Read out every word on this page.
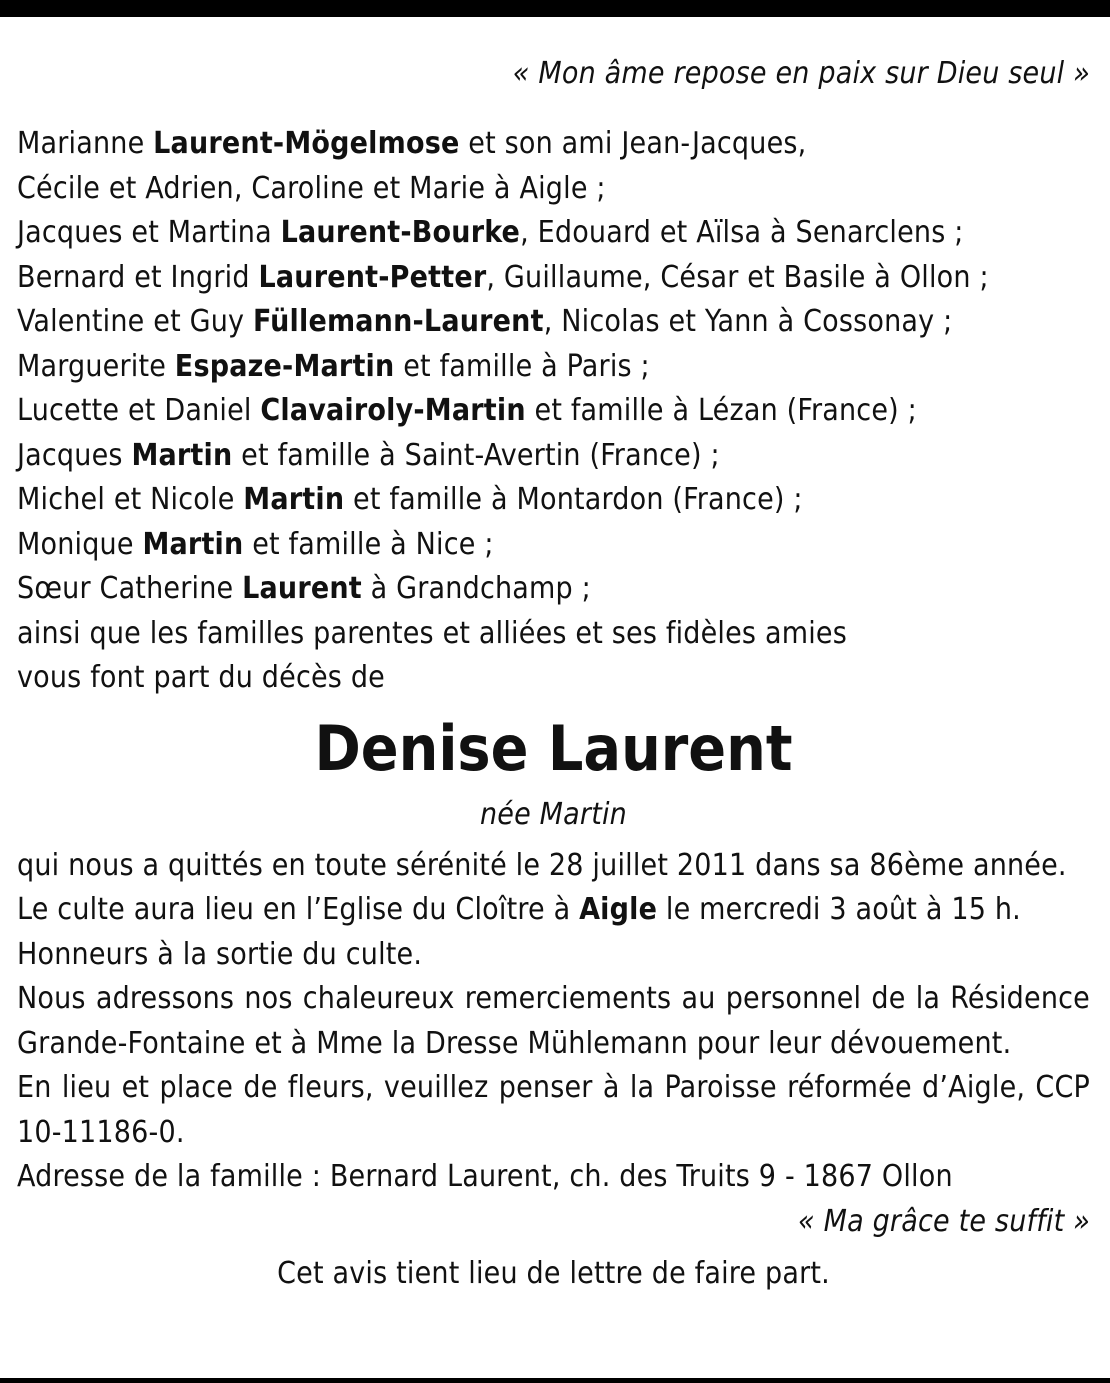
« Mon âme repose en paix sur Dieu seul »

Marianne Laurent-Mögelmose et son ami Jean-Jacques,
Cécile et Adrien, Caroline et Marie à Aigle ;
Jacques et Martina Laurent-Bourke, Edouard et Aïlsa à Senarclens ;
Bernard et Ingrid Laurent-Petter, Guillaume, César et Basile à Ollon ;
Valentine et Guy Füllemann-Laurent, Nicolas et Yann à Cossonay ;
Marguerite Espaze-Martin et famille à Paris ;
Lucette et Daniel Clavairoly-Martin et famille à Lézan (France) ;
Jacques Martin et famille à Saint-Avertin (France) ;
Michel et Nicole Martin et famille à Montardon (France) ;
Monique Martin et famille à Nice ;
Sœur Catherine Laurent à Grandchamp ;

ainsi que les familles parentes et alliées et ses fidèles amies

vous font part du décès de

Denise Laurent

née Martin

qui nous a quittés en toute sérénité le 28 juillet 2011 dans sa 86ème année.

Le culte aura lieu en l’Eglise du Cloître à Aigle le mercredi 3 août à 15 h.

Honneurs à la sortie du culte.

Nous adressons nos chaleureux remerciements au personnel de la Résidence Grande-Fontaine et à Mme la Dresse Mühlemann pour leur dévouement.

En lieu et place de fleurs, veuillez penser à la Paroisse réformée d’Aigle, CCP 10-11186-0.

Adresse de la famille : Bernard Laurent, ch. des Truits 9 - 1867 Ollon

« Ma grâce te suffit »

Cet avis tient lieu de lettre de faire part.
